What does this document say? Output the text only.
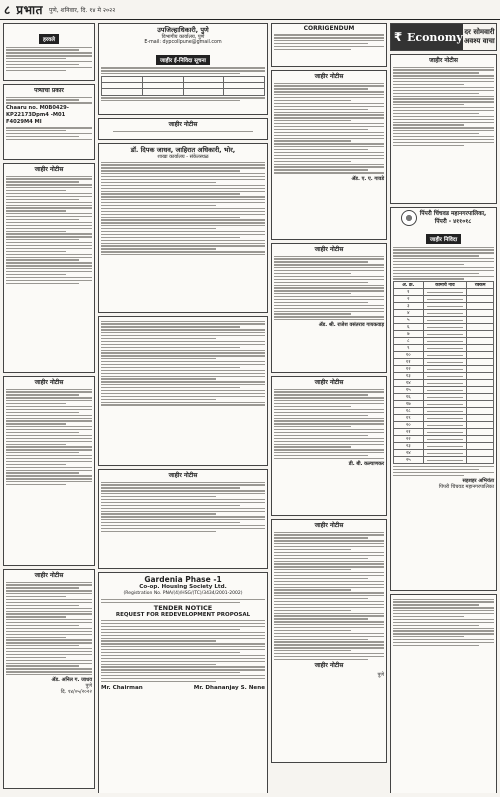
८ प्रभात पुणे, शनिवार, दि. १४ मे २०२२
हरवले
पत्र्याचा प्रकार
Chaaru no. M0B0429- KP22173Dpm4 -M01 F4029M4 MI
जाहीर नोटीस
जाहीर नोटीस
जाहीर नोटीस
ॲड. अनिल ग. जाधव
पुणे
दि. १४/०५/२०२२
उपजिल्हाधिकारी, पुणे
विभागीय कार्यालय, पुणे
E-mail: dypcollpune@gmail.com
जाहीर ई-निविदा सूचना

जाहीर नोटीस
डॉ. दिपक जाधव, जाहिरात अधिकारी, भोर,
शाखा कार्यालय - संकेतस्थळ
जाहीर नोटीस
Gardenia Phase -1
Co-op. Housing Society Ltd.
(Registration No. PNA/(4)/HSG/(TC)/3434/2001-2002)
TENDER NOTICE
REQUEST FOR REDEVELOPMENT PROPOSAL
Mr. Chairman	Mr. Dhananjay S. Nene
CORRIGENDUM
जाहीर नोटीस
ॲड. ए. ए. गावडे
जाहीर नोटीस
ॲड. श्री. राजेश वसंतराव गायकवाड़
जाहीर नोटीस
डी. बी. कल्याणकर
जाहीर नोटीस
जाहीर नोटीस
पुणे
₹ Economy दर सोमवारी अवश्य वाचा
जाहीर नोटीस
पिंपरी चिंचवड महानगरपालिका,
पिंपरी - ४११०१८
जाहीर निविदा
अ. क्र.	कामाचे नाव	रक्कम
१	

२	

३	

४	

५	

६	

७	

८	

९	

१०	

११	

१२	

१३	

१४	

१५	

१६	

१७	

१८	

१९	

२०	

२१	

२२	

२३	

२४	

२५	

सहशहर अभियंता
पिंपरी चिंचवड महानगरपालिका
